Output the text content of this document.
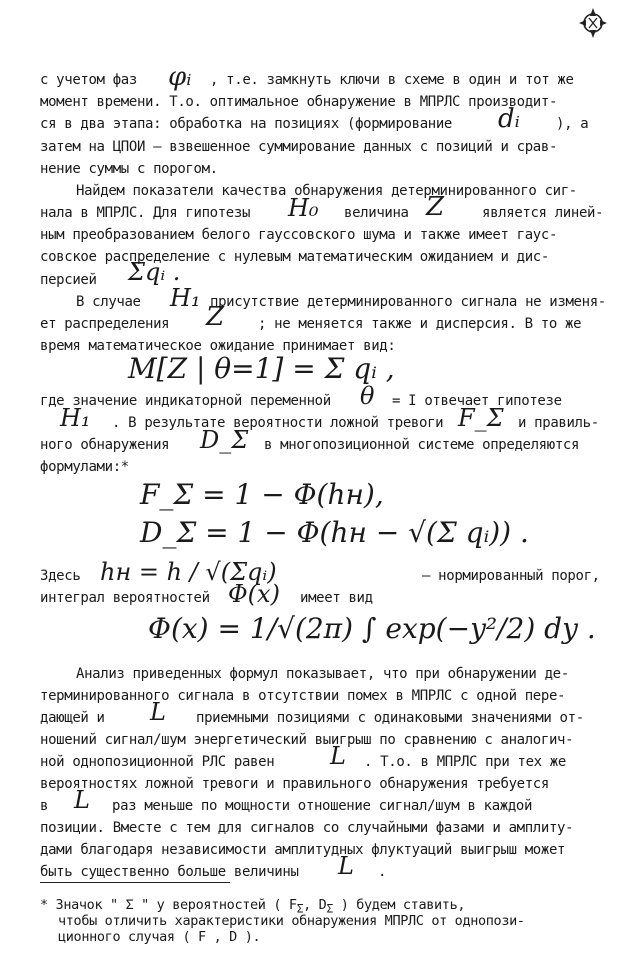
с учетом фаз φᵢ , т.е. замкнуть ключи в схеме в один и тот же
момент времени. Т.о. оптимальное обнаружение в МПРЛС производит-
ся в два этапа: обработка на позициях (формирование dᵢ	), а
затем на ЦПОИ – взвешенное суммирование данных с позиций и срав-
нение суммы с порогом.
Найдем показатели качества обнаружения детерминированного сиг-
нала в МПРЛС. Для гипотезы H₀ величина Z	является линей-
ным преобразованием белого гауссовского шума и также имеет гаус-
совское распределение с нулевым математическим ожиданием и дис-
персией Σqᵢ .
В случае H₁ присутствие детерминированного сигнала не изменя-
ет распределения Z ; не меняется также и дисперсия. В то же
время математическое ожидание принимает вид:
M[Z | θ=1] = Σ qᵢ ,
где значение индикаторной переменной θ = I отвечает гипотезе
H₁ . В результате вероятности ложной тревоги F_Σ и правиль-
ного обнаружения D_Σ в многопозиционной системе определяются
формулами:*
F_Σ = 1 − Φ(hн),
D_Σ = 1 − Φ(hн − √(Σ qᵢ)) .
Здесь hн = h / √(Σqᵢ)	– нормированный порог,
интеграл вероятностей Φ(x) имеет вид
Φ(x) = 1/√(2π) ∫ exp(−y²/2) dy .
Анализ приведенных формул показывает, что при обнаружении де-
терминированного сигнала в отсутствии помех в МПРЛС с одной пере-
дающей и L приемными позициями с одинаковыми значениями от-
ношений сигнал/шум энергетический выигрыш по сравнению с аналогич-
ной однопозиционной РЛС равен L . Т.о. в МПРЛС при тех же
вероятностях ложной тревоги и правильного обнаружения требуется
в L раз меньше по мощности отношение сигнал/шум в каждой
позиции. Вместе с тем для сигналов со случайными фазами и амплиту-
дами благодаря независимости амплитудных флуктуаций выигрыш может
быть существенно больше величины L .
* Значок " Σ " у вероятностей ( $F_\Sigma$, $D_\Sigma$ ) будем ставить,
чтобы отличить характеристики обнаружения МПРЛС от однопози-
ционного случая ( F , D ).
